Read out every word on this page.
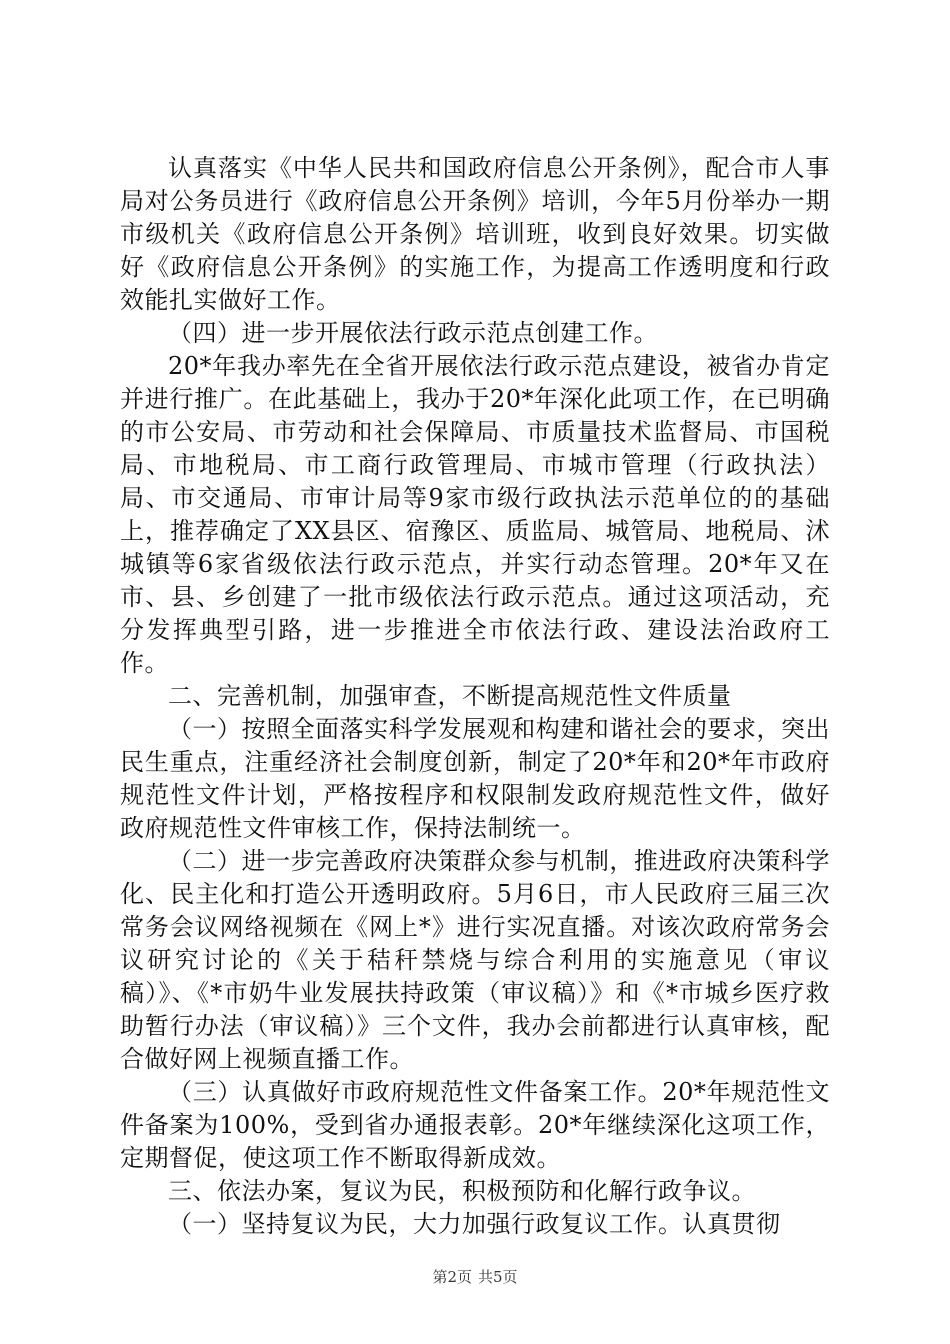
认真落实《中华人民共和国政府信息公开条例》，配合市人事局对公务员进行《政府信息公开条例》培训，今年5月份举办一期市级机关《政府信息公开条例》培训班，收到良好效果。切实做好《政府信息公开条例》的实施工作，为提高工作透明度和行政效能扎实做好工作。

（四）进一步开展依法行政示范点创建工作。

20*年我办率先在全省开展依法行政示范点建设，被省办肯定并进行推广。在此基础上，我办于20*年深化此项工作，在已明确的市公安局、市劳动和社会保障局、市质量技术监督局、市国税局、市地税局、市工商行政管理局、市城市管理（行政执法）局、市交通局、市审计局等9家市级行政执法示范单位的的基础上，推荐确定了XX县区、宿豫区、质监局、城管局、地税局、沭城镇等6家省级依法行政示范点，并实行动态管理。20*年又在市、县、乡创建了一批市级依法行政示范点。通过这项活动，充分发挥典型引路，进一步推进全市依法行政、建设法治政府工作。

二、完善机制，加强审查，不断提高规范性文件质量

（一）按照全面落实科学发展观和构建和谐社会的要求，突出民生重点，注重经济社会制度创新，制定了20*年和20*年市政府规范性文件计划，严格按程序和权限制发政府规范性文件，做好政府规范性文件审核工作，保持法制统一。

（二）进一步完善政府决策群众参与机制，推进政府决策科学化、民主化和打造公开透明政府。5月6日，市人民政府三届三次常务会议网络视频在《网上*》进行实况直播。对该次政府常务会议研究讨论的《关于秸秆禁烧与综合利用的实施意见（审议稿）》、《*市奶牛业发展扶持政策（审议稿）》和《*市城乡医疗救助暂行办法（审议稿）》三个文件，我办会前都进行认真审核，配合做好网上视频直播工作。

（三）认真做好市政府规范性文件备案工作。20*年规范性文件备案为100%，受到省办通报表彰。20*年继续深化这项工作，定期督促，使这项工作不断取得新成效。

三、依法办案，复议为民，积极预防和化解行政争议。

（一）坚持复议为民，大力加强行政复议工作。认真贯彻

第2页 共5页
